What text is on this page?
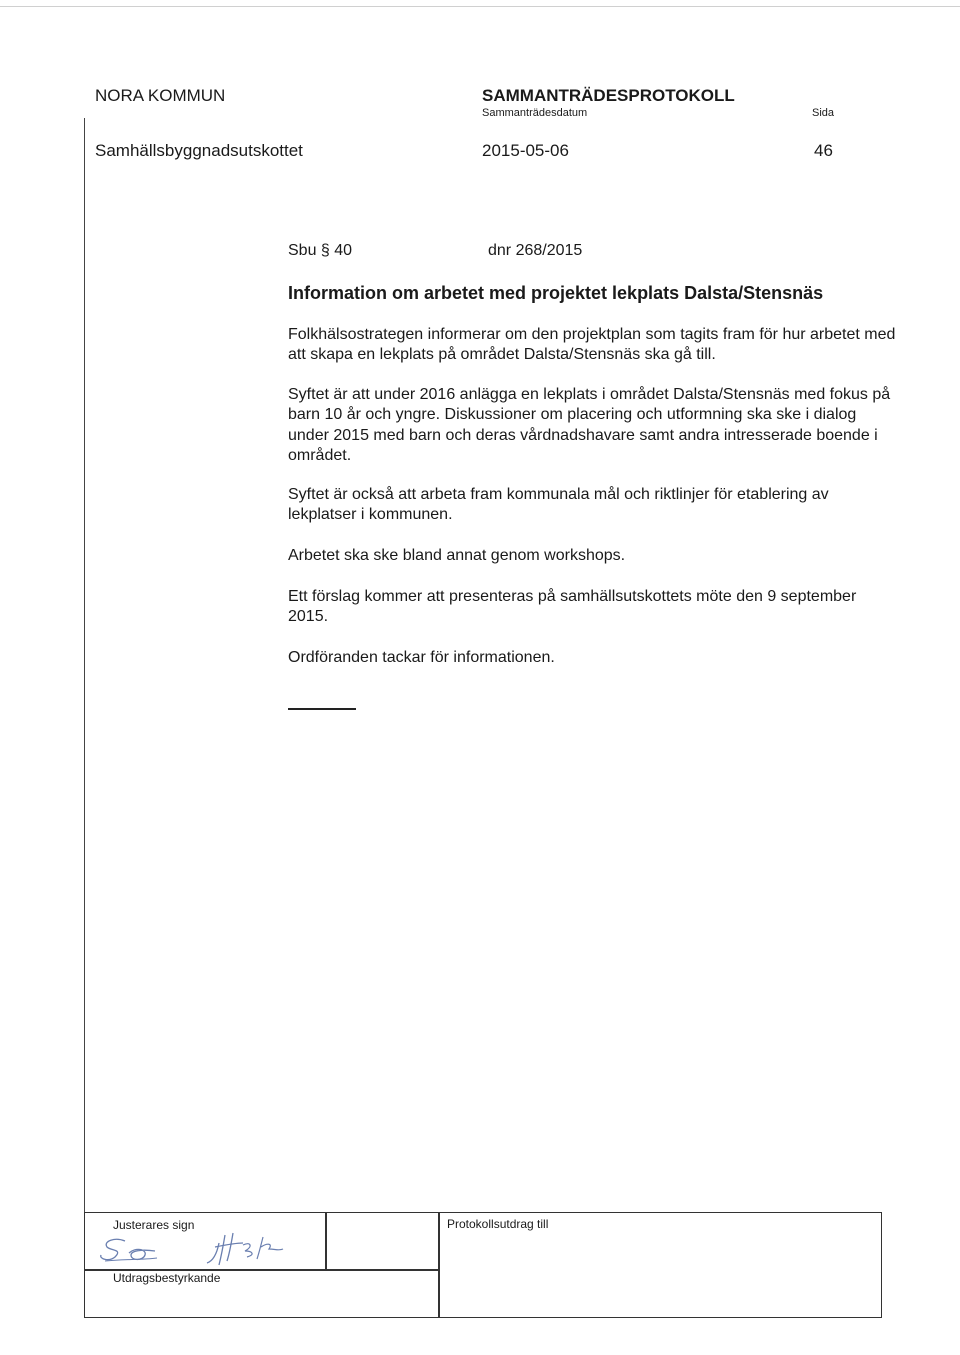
NORA KOMMUN	SAMMANTRÄDESPROTOKOLL
Sammanträdesdatum	Sida
Samhällsbyggnadsutskottet	2015-05-06	46
Sbu § 40	dnr 268/2015
Information om arbetet med projektet lekplats Dalsta/Stensnäs
Folkhälsostrategen informerar om den projektplan som tagits fram för hur arbetet med att skapa en lekplats på området Dalsta/Stensnäs ska gå till.
Syftet är att under 2016 anlägga en lekplats i området Dalsta/Stensnäs med fokus på barn 10 år och yngre. Diskussioner om placering och utformning ska ske i dialog under 2015 med barn och deras vårdnadshavare samt andra intresserade boende i området.
Syftet är också att arbeta fram kommunala mål och riktlinjer för etablering av lekplatser i kommunen.
Arbetet ska ske bland annat genom workshops.
Ett förslag kommer att presenteras på samhällsutskottets möte den 9 september 2015.
Ordföranden tackar för informationen.
Justerares sign
Utdragsbestyrkande
Protokollsutdrag till
